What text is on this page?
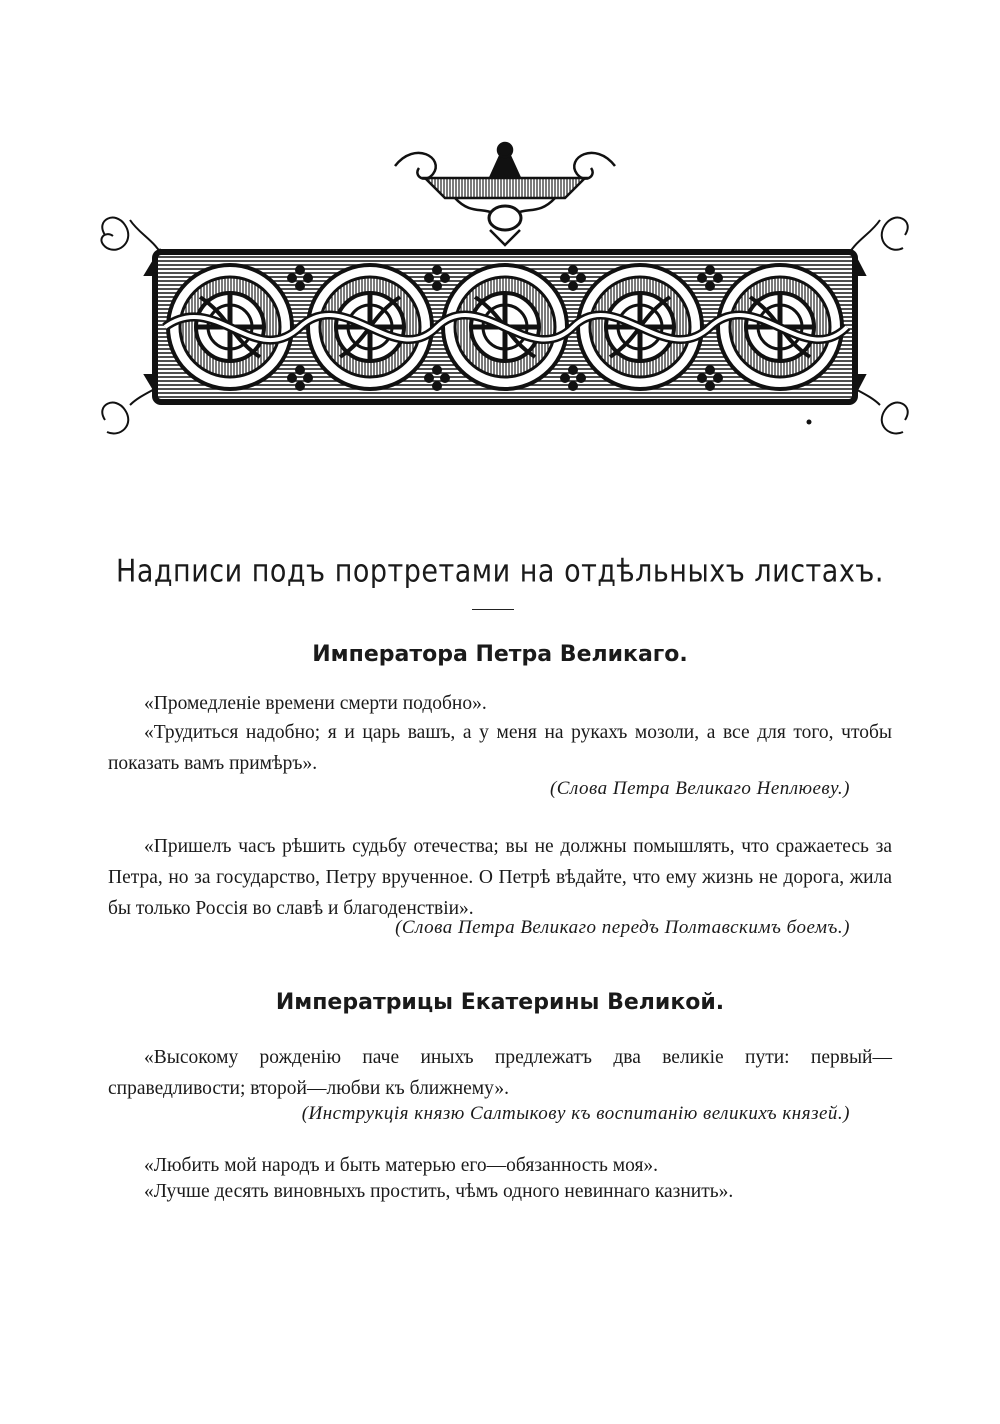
Надписи подъ портретами на отдѣльныхъ листахъ.
Императора Петра Великаго.

«Промедленіе времени смерти подобно».

«Трудиться надобно; я и царь вашъ, а у меня на рукахъ мозоли, а все для того, чтобы показать вамъ примѣръ».

(Слова Петра Великаго Неплюеву.)

«Пришелъ часъ рѣшить судьбу отечества; вы не должны помышлять, что сражаетесь за Петра, но за государство, Петру врученное. О Петрѣ вѣдайте, что ему жизнь не дорога, жила бы только Россія во славѣ и благоденствіи».

(Слова Петра Великаго передъ Полтавскимъ боемъ.)

Императрицы Екатерины Великой.

«Высокому рожденію паче иныхъ предлежатъ два великіе пути: первый—справедливости; второй—любви къ ближнему».

(Инструкція князю Салтыкову къ воспитанію великихъ князей.)

«Любить мой народъ и быть матерью его—обязанность моя».

«Лучше десять виновныхъ простить, чѣмъ одного невиннаго казнить».
